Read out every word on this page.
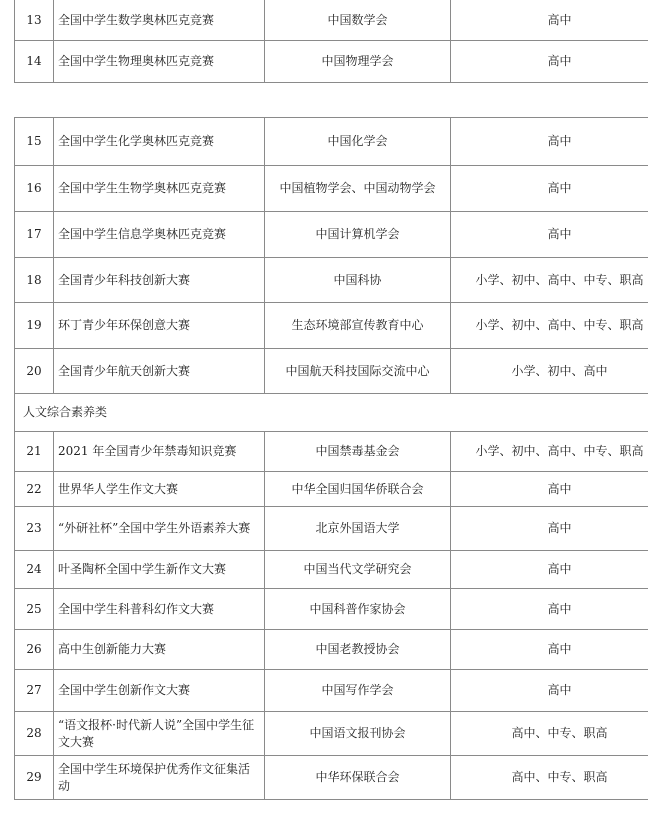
13	全国中学生数学奥林匹克竞赛	中国数学会	高中
14	全国中学生物理奥林匹克竞赛	中国物理学会	高中
15	全国中学生化学奥林匹克竞赛	中国化学会	高中
16	全国中学生生物学奥林匹克竞赛	中国植物学会、中国动物学会	高中
17	全国中学生信息学奥林匹克竞赛	中国计算机学会	高中
18	全国青少年科技创新大赛	中国科协	小学、初中、高中、中专、职高
19	环丁青少年环保创意大赛	生态环境部宣传教育中心	小学、初中、高中、中专、职高
20	全国青少年航天创新大赛	中国航天科技国际交流中心	小学、初中、高中
人文综合素养类			
21	2021 年全国青少年禁毒知识竞赛	中国禁毒基金会	小学、初中、高中、中专、职高
22	世界华人学生作文大赛	中华全国归国华侨联合会	高中
23	“外研社杯”全国中学生外语素养大赛	北京外国语大学	高中
24	叶圣陶杯全国中学生新作文大赛	中国当代文学研究会	高中
25	全国中学生科普科幻作文大赛	中国科普作家协会	高中
26	高中生创新能力大赛	中国老教授协会	高中
27	全国中学生创新作文大赛	中国写作学会	高中
28	“语文报杯·时代新人说”全国中学生征文大赛	中国语文报刊协会	高中、中专、职高
29	全国中学生环境保护优秀作文征集活动	中华环保联合会	高中、中专、职高
